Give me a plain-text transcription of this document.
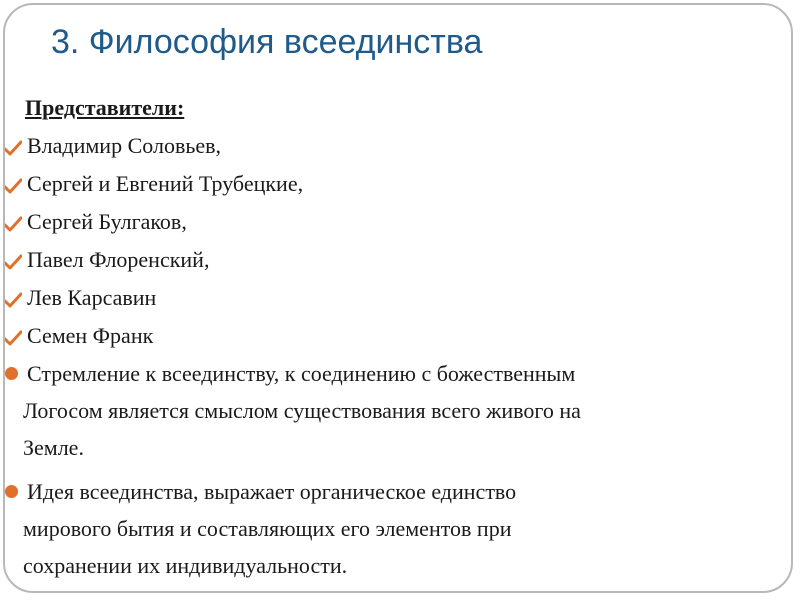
3. Философия всеединства
Представители:
Владимир Соловьев,
Сергей и Евгений Трубецкие,
Сергей Булгаков,
Павел Флоренский,
Лев Карсавин
Семен Франк
Стремление к всеединству, к соединению с божественным
Логосом является смыслом существования всего живого на
Земле.
Идея всеединства, выражает органическое единство
мирового бытия и составляющих его элементов при
сохранении их индивидуальности.
